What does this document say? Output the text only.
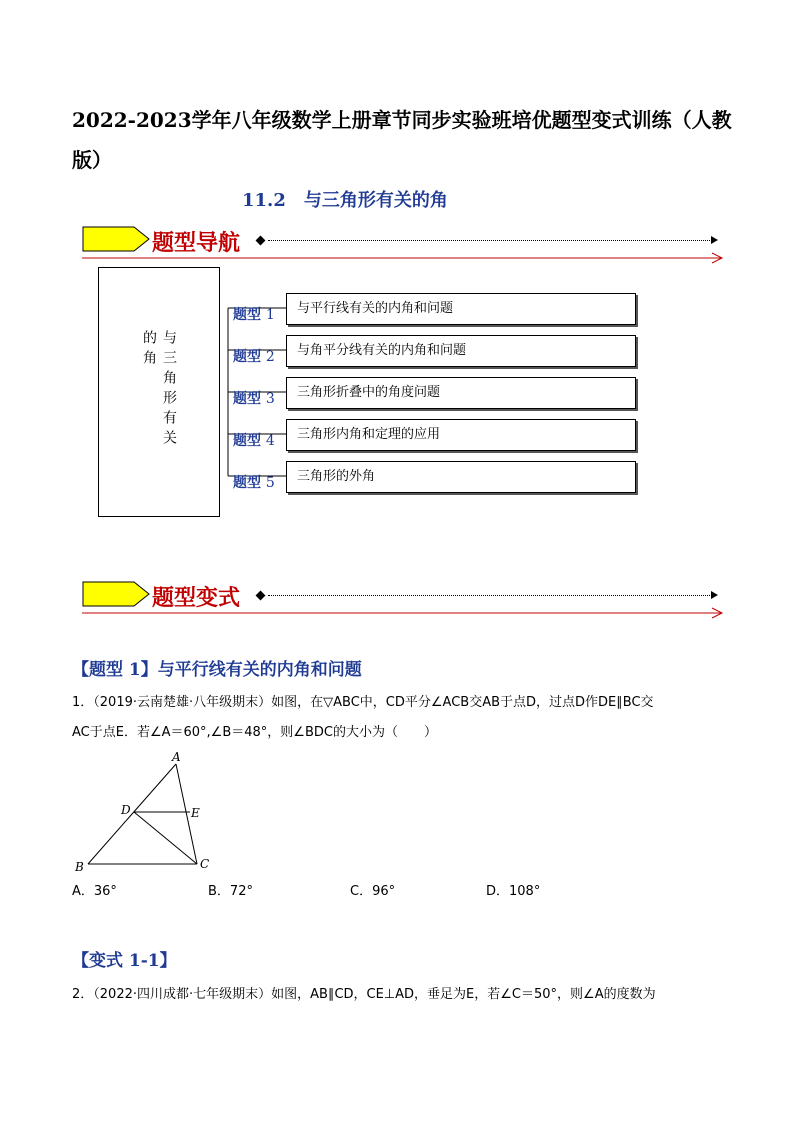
2022-2023学年八年级数学上册章节同步实验班培优题型变式训练（人教版）
11.2　与三角形有关的角
题型导航
与三角形有关的角
题型 1	与平行线有关的内角和问题
题型 2	与角平分线有关的内角和问题
题型 3	三角形折叠中的角度问题
题型 4	三角形内角和定理的应用
题型 5	三角形的外角
题型变式
【题型 1】与平行线有关的内角和问题
1．（2019·云南楚雄·八年级期末）如图，在▽ABC中，CD平分∠ACB交AB于点D，过点D作DE∥BC交
AC于点E．若∠A＝60°,∠B＝48°，则∠BDC的大小为（　　）
A
B	C
D	E
A．36°	B．72°	C．96°	D．108°
【变式 1-1】
2．（2022·四川成都·七年级期末）如图，AB∥CD，CE⊥AD，垂足为E，若∠C＝50°，则∠A的度数为
